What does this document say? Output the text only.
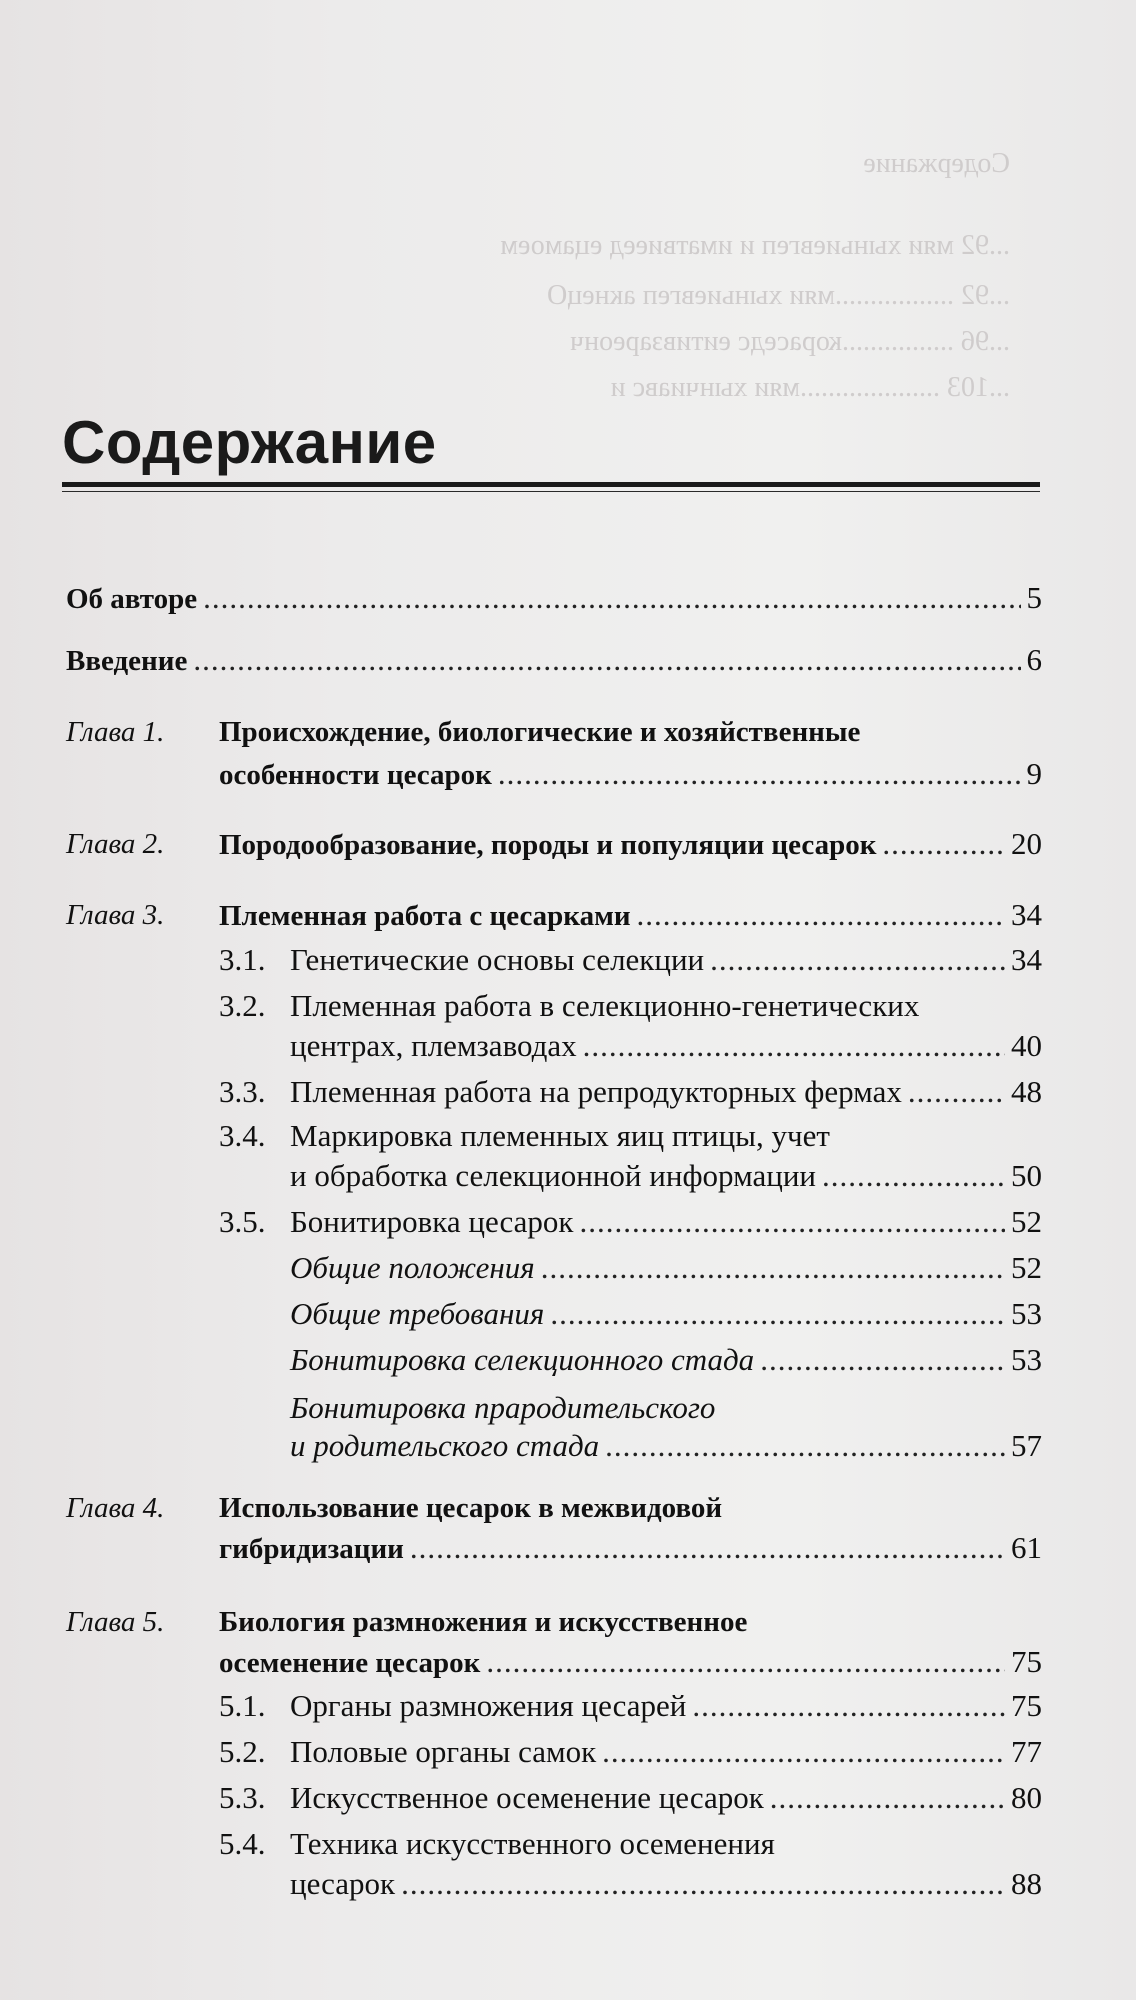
Содержание
...92 мяи хыньиевгеп и иматвиеед ецамоем
...92 .................мяи хыньиевгеп акнецО
...96 ................кораседс еитивзареонч
...103 ....................мяи хынчиавс и
Содержание
Об авторе .....	5
Введение .....	6
Глава 1. Происхождение, биологические и хозяйственные
особенности цесарок .....	9
Глава 2. Породообразование, породы и популяции цесарок .....	20
Глава 3. Племенная работа с цесарками .....	34
3.1. Генетические основы селекции .....	34
3.2. Племенная работа в селекционно-генетических
центрах, племзаводах .....	40
3.3. Племенная работа на репродукторных фермах .....	48
3.4. Маркировка племенных яиц птицы, учет
и обработка селекционной информации .....	50
3.5. Бонитировка цесарок .....	52
Общие положения .....	52
Общие требования .....	53
Бонитировка селекционного стада .....	53
Бонитировка прародительского
и родительского стада .....	57
Глава 4. Использование цесарок в межвидовой
гибридизации .....	61
Глава 5. Биология размножения и искусственное
осеменение цесарок .....	75
5.1. Органы размножения цесарей .....	75
5.2. Половые органы самок .....	77
5.3. Искусственное осеменение цесарок .....	80
5.4. Техника искусственного осеменения
цесарок .....	88
